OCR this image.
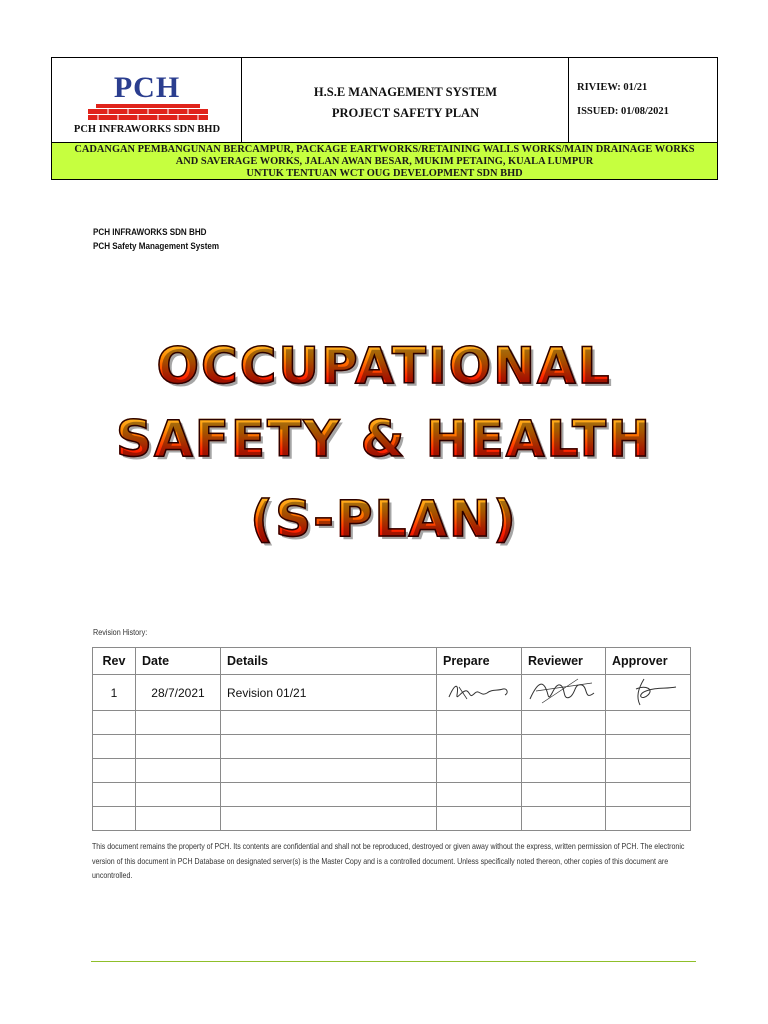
PCH
PCH INFRAWORKS SDN BHD
H.S.E MANAGEMENT SYSTEM
PROJECT SAFETY PLAN
RIVIEW: 01/21
ISSUED: 01/08/2021
CADANGAN PEMBANGUNAN BERCAMPUR, PACKAGE EARTWORKS/RETAINING WALLS WORKS/MAIN DRAINAGE WORKS
AND SAVERAGE WORKS, JALAN AWAN BESAR, MUKIM PETAING, KUALA LUMPUR
UNTUK TENTUAN WCT OUG DEVELOPMENT SDN BHD
PCH INFRAWORKS SDN BHD
PCH Safety Management System
OCCUPATIONAL
SAFETY & HEALTH
(S-PLAN)
Revision History:
Rev	Date	Details	Prepare	Reviewer	Approver
1	28/7/2021	Revision 01/21			

This document remains the property of PCH. Its contents are confidential and shall not be reproduced, destroyed or given away without the express, written permission of PCH. The electronic version of this document in PCH Database on designated server(s) is the Master Copy and is a controlled document. Unless specifically noted thereon, other copies of this document are uncontrolled.
